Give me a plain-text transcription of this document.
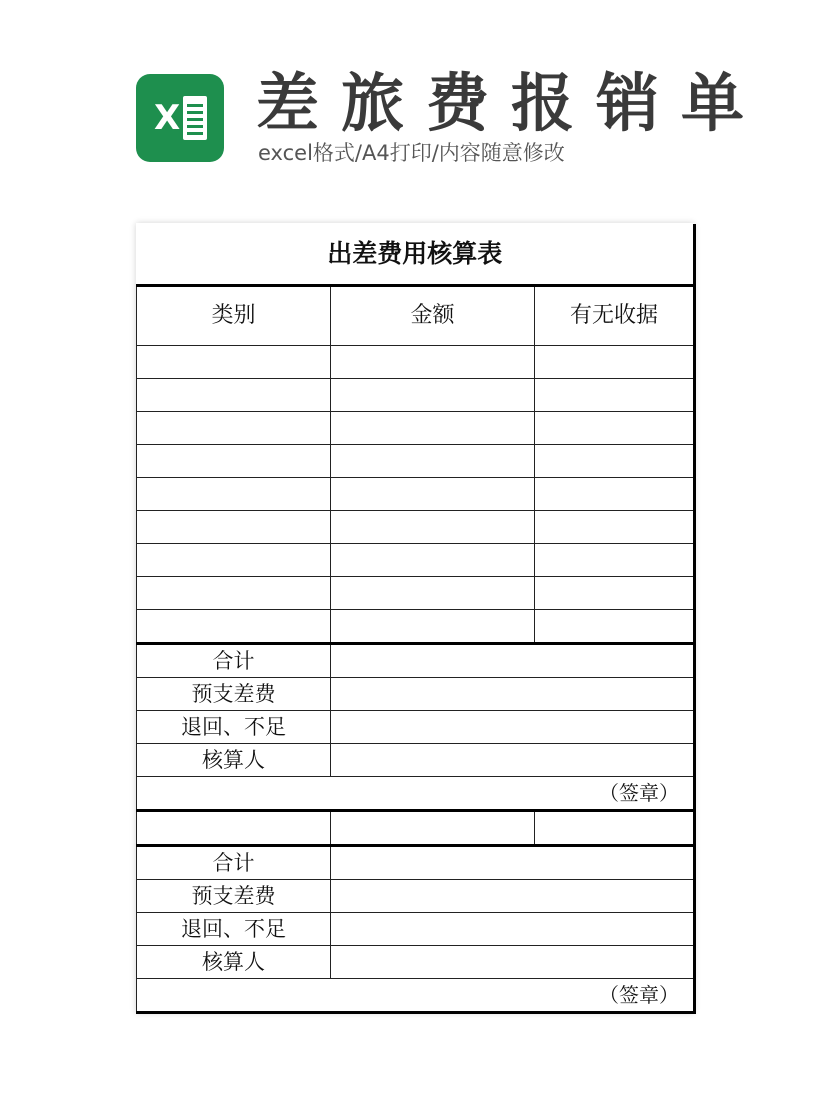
X 差旅费报销单
excel格式/A4打印/内容随意修改
出差费用核算表		
类别	金额	有无收据

合计		
预支差费		
退回、不足		
核算人		
（签章）		

合计		
预支差费		
退回、不足		
核算人		
（签章）		
